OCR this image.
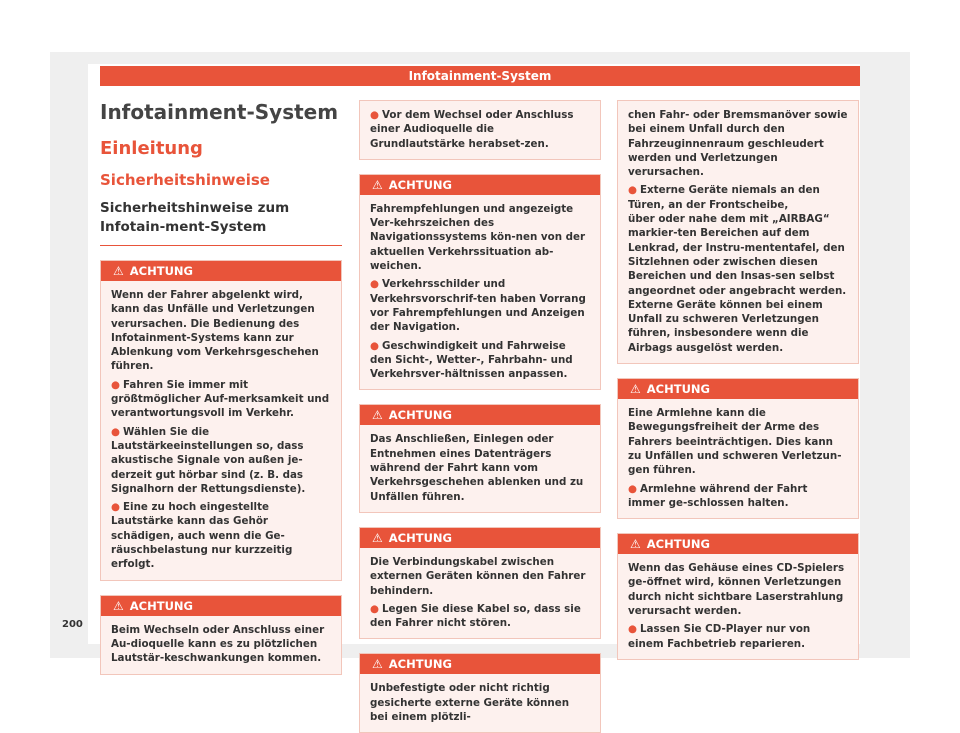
Infotainment-System
Infotainment-System
Einleitung
Sicherheitshinweise
Sicherheitshinweise zum Infotain-ment-System
⚠ ACHTUNG

Wenn der Fahrer abgelenkt wird, kann das Unfälle und Verletzungen verursachen. Die Bedienung des Infotainment-Systems kann zur Ablenkung vom Verkehrsgeschehen führen.

● Fahren Sie immer mit größtmöglicher Auf-merksamkeit und verantwortungsvoll im Verkehr.

● Wählen Sie die Lautstärkeeinstellungen so, dass akustische Signale von außen je-derzeit gut hörbar sind (z. B. das Signalhorn der Rettungsdienste).

● Eine zu hoch eingestellte Lautstärke kann das Gehör schädigen, auch wenn die Ge-räuschbelastung nur kurzzeitig erfolgt.

⚠ ACHTUNG

Beim Wechseln oder Anschluss einer Au-dioquelle kann es zu plötzlichen Lautstär-keschwankungen kommen.

● Vor dem Wechsel oder Anschluss einer Audioquelle die Grundlautstärke herabset-zen.

⚠ ACHTUNG

Fahrempfehlungen und angezeigte Ver-kehrszeichen des Navigationssystems kön-nen von der aktuellen Verkehrssituation ab-weichen.

● Verkehrsschilder und Verkehrsvorschrif-ten haben Vorrang vor Fahrempfehlungen und Anzeigen der Navigation.

● Geschwindigkeit und Fahrweise den Sicht-, Wetter-, Fahrbahn- und Verkehrsver-hältnissen anpassen.

⚠ ACHTUNG

Das Anschließen, Einlegen oder Entnehmen eines Datenträgers während der Fahrt kann vom Verkehrsgeschehen ablenken und zu Unfällen führen.

⚠ ACHTUNG

Die Verbindungskabel zwischen externen Geräten können den Fahrer behindern.

● Legen Sie diese Kabel so, dass sie den Fahrer nicht stören.

⚠ ACHTUNG

Unbefestigte oder nicht richtig gesicherte externe Geräte können bei einem plötzli-

chen Fahr- oder Bremsmanöver sowie bei einem Unfall durch den Fahrzeuginnenraum geschleudert werden und Verletzungen verursachen.

● Externe Geräte niemals an den Türen, an der Frontscheibe,

über oder nahe dem mit „AIRBAG“ markier-ten Bereichen auf dem Lenkrad, der Instru-mententafel, den Sitzlehnen oder zwischen diesen Bereichen und den Insas-sen selbst angeordnet oder angebracht werden. Externe Geräte können bei einem Unfall zu schweren Verletzungen führen, insbesondere wenn die Airbags ausgelöst werden.

⚠ ACHTUNG

Eine Armlehne kann die Bewegungsfreiheit der Arme des Fahrers beeinträchtigen. Dies kann zu Unfällen und schweren Verletzun-gen führen.

● Armlehne während der Fahrt immer ge-schlossen halten.

⚠ ACHTUNG

Wenn das Gehäuse eines CD-Spielers ge-öffnet wird, können Verletzungen durch nicht sichtbare Laserstrahlung verursacht werden.

● Lassen Sie CD-Player nur von einem Fachbetrieb reparieren.

200
